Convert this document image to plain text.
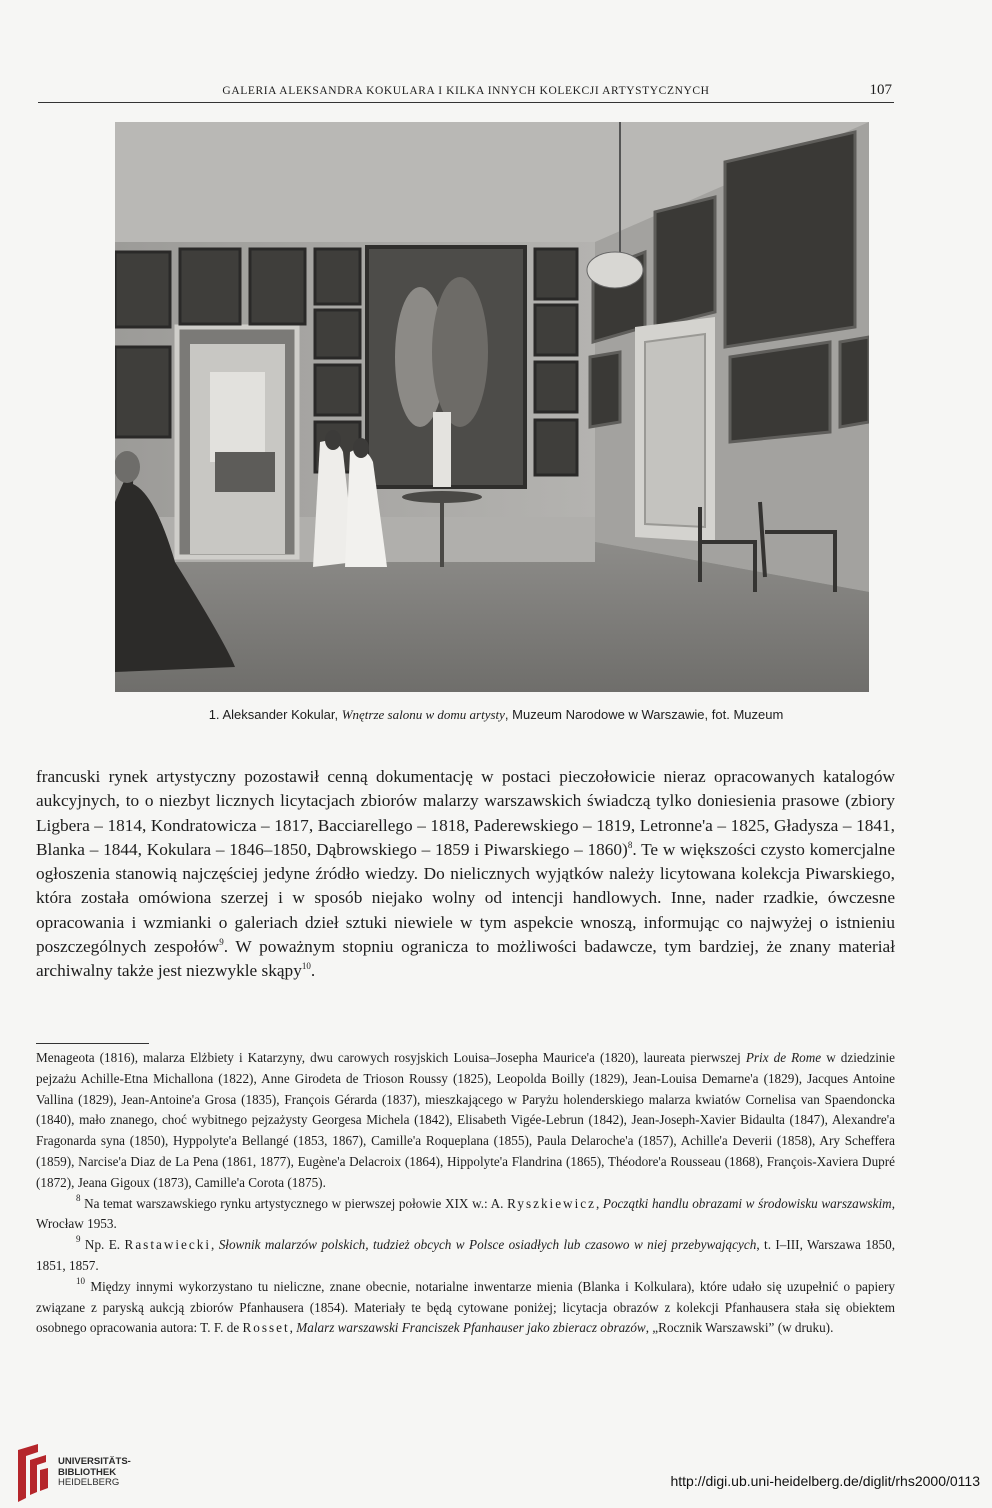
GALERIA ALEKSANDRA KOKULARA I KILKA INNYCH KOLEKCJI ARTYSTYCZNYCH	107
1. Aleksander Kokular, Wnętrze salonu w domu artysty, Muzeum Narodowe w Warszawie, fot. Muzeum

francuski rynek artystyczny pozostawił cenną dokumentację w postaci pieczołowicie nieraz opracowanych katalogów aukcyjnych, to o niezbyt licznych licytacjach zbiorów malarzy warszawskich świadczą tylko doniesienia prasowe (zbiory Ligbera – 1814, Kondratowicza – 1817, Bacciarellego – 1818, Paderewskiego – 1819, Letronne'a – 1825, Gładysza – 1841, Blanka – 1844, Kokulara – 1846–1850, Dąbrowskiego – 1859 i Piwarskiego – 1860)$^8$. Te w większości czysto komercjalne ogłoszenia stanowią najczęściej jedyne źródło wiedzy. Do nielicznych wyjątków należy licytowana kolekcja Piwarskiego, która została omówiona szerzej i w sposób niejako wolny od intencji handlowych. Inne, nader rzadkie, ówczesne opracowania i wzmianki o galeriach dzieł sztuki niewiele w tym aspekcie wnoszą, informując co najwyżej o istnieniu poszczególnych zespołów$^9$. W poważnym stopniu ogranicza to możliwości badawcze, tym bardziej, że znany materiał archiwalny także jest niezwykle skąpy$^{10}$.

Menageota (1816), malarza Elżbiety i Katarzyny, dwu carowych rosyjskich Louisa–Josepha Maurice'a (1820), laureata pierwszej Prix de Rome w dziedzinie pejzażu Achille-Etna Michallona (1822), Anne Girodeta de Trioson Roussy (1825), Leopolda Boilly (1829), Jean-Louisa Demarne'a (1829), Jacques Antoine Vallina (1829), Jean-Antoine'a Grosa (1835), François Gérarda (1837), mieszkającego w Paryżu holenderskiego malarza kwiatów Cornelisa van Spaendoncka (1840), mało znanego, choć wybitnego pejzażysty Georgesa Michela (1842), Elisabeth Vigée-Lebrun (1842), Jean-Joseph-Xavier Bidaulta (1847), Alexandre'a Fragonarda syna (1850), Hyppolyte'a Bellangé (1853, 1867), Camille'a Roqueplana (1855), Paula Delaroche'a (1857), Achille'a Deverii (1858), Ary Scheffera (1859), Narcise'a Diaz de La Pena (1861, 1877), Eugène'a Delacroix (1864), Hippolyte'a Flandrina (1865), Théodore'a Rousseau (1868), François-Xaviera Dupré (1872), Jeana Gigoux (1873), Camille'a Corota (1875).

$^8$ Na temat warszawskiego rynku artystycznego w pierwszej połowie XIX w.: A. Ryszkiewicz, Początki handlu obrazami w środowisku warszawskim, Wrocław 1953.

$^9$ Np. E. Rastawiecki, Słownik malarzów polskich, tudzież obcych w Polsce osiadłych lub czasowo w niej przebywających, t. I–III, Warszawa 1850, 1851, 1857.

$^{10}$ Między innymi wykorzystano tu nieliczne, znane obecnie, notarialne inwentarze mienia (Blanka i Kolkulara), które udało się uzupełnić o papiery związane z paryską aukcją zbiorów Pfanhausera (1854). Materiały te będą cytowane poniżej; licytacja obrazów z kolekcji Pfanhausera stała się obiektem osobnego opracowania autora: T. F. de Rosset, Malarz warszawski Franciszek Pfanhauser jako zbieracz obrazów, „Rocznik Warszawski” (w druku).

UNIVERSITÄTS-
BIBLIOTHEK
HEIDELBERG	http://digi.ub.uni-heidelberg.de/diglit/rhs2000/0113
